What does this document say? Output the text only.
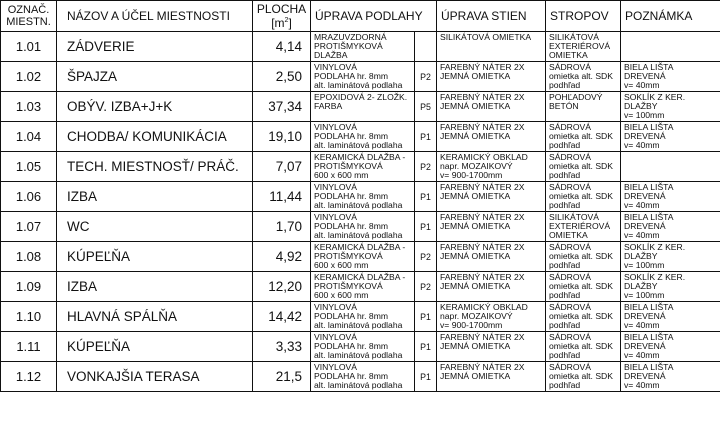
OZNAČ.
MIESTN.	NÁZOV A ÚČEL MIESTNOSTI	PLOCHA
$[m^2]$	ÚPRAVA PODLAHY		ÚPRAVA STIEN	STROPOV	POZNÁMKA
1.01	ZÁDVERIE	4,14	MRAZUVZDORNÁ
PROTIŠMYKOVÁ
DLAŽBA		SILIKÁTOVÁ OMIETKA	SILIKÁTOVÁ
EXTERIÉROVÁ
OMIETKA	
1.02	ŠPAJZA	2,50	VINYLOVÁ
PODLAHA hr. 8mm
alt. laminátová podlaha	P2	FAREBNÝ NÁTER 2X
JEMNÁ OMIETKA	SÁDROVÁ
omietka alt. SDK
podhľad	BIELA LIŠTA
DREVENÁ
v= 40mm
1.03	OBÝV. IZBA+J+K	37,34	EPOXIDOVÁ 2- ZLOŽK.
FARBA	P5	FAREBNÝ NÁTER 2X
JEMNÁ OMIETKA	POHĽADOVÝ
BETÓN	SOKLÍK Z KER.
DLAŽBY
v= 100mm
1.04	CHODBA/ KOMUNIKÁCIA	19,10	VINYLOVÁ
PODLAHA hr. 8mm
alt. laminátová podlaha	P1	FAREBNÝ NÁTER 2X
JEMNÁ OMIETKA	SÁDROVÁ
omietka alt. SDK
podhľad	BIELA LIŠTA
DREVENÁ
v= 40mm
1.05	TECH. MIESTNOSŤ/ PRÁČ.	7,07	KERAMICKÁ DLAŽBA -
PROTIŠMYKOVÁ
600 x 600 mm	P2	KERAMICKÝ OBKLAD
napr. MOZAIKOVÝ
v= 900-1700mm	SÁDROVÁ
omietka alt. SDK
podhľad	
1.06	IZBA	11,44	VINYLOVÁ
PODLAHA hr. 8mm
alt. laminátová podlaha	P1	FAREBNÝ NÁTER 2X
JEMNÁ OMIETKA	SÁDROVÁ
omietka alt. SDK
podhľad	BIELA LIŠTA
DREVENÁ
v= 40mm
1.07	WC	1,70	VINYLOVÁ
PODLAHA hr. 8mm
alt. laminátová podlaha	P1	FAREBNÝ NÁTER 2X
JEMNÁ OMIETKA	SILIKÁTOVÁ
EXTERIÉROVÁ
OMIETKA	BIELA LIŠTA
DREVENÁ
v= 40mm
1.08	KÚPEĽŇA	4,92	KERAMICKÁ DLAŽBA -
PROTIŠMYKOVÁ
600 x 600 mm	P2	FAREBNÝ NÁTER 2X
JEMNÁ OMIETKA	SÁDROVÁ
omietka alt. SDK
podhľad	SOKLÍK Z KER.
DLAŽBY
v= 100mm
1.09	IZBA	12,20	KERAMICKÁ DLAŽBA -
PROTIŠMYKOVÁ
600 x 600 mm	P2	FAREBNÝ NÁTER 2X
JEMNÁ OMIETKA	SÁDROVÁ
omietka alt. SDK
podhľad	SOKLÍK Z KER.
DLAŽBY
v= 100mm
1.10	HLAVNÁ SPÁLŇA	14,42	VINYLOVÁ
PODLAHA hr. 8mm
alt. laminátová podlaha	P1	KERAMICKÝ OBKLAD
napr. MOZAIKOVÝ
v= 900-1700mm	SÁDROVÁ
omietka alt. SDK
podhľad	BIELA LIŠTA
DREVENÁ
v= 40mm
1.11	KÚPEĽŇA	3,33	VINYLOVÁ
PODLAHA hr. 8mm
alt. laminátová podlaha	P1	FAREBNÝ NÁTER 2X
JEMNÁ OMIETKA	SÁDROVÁ
omietka alt. SDK
podhľad	BIELA LIŠTA
DREVENÁ
v= 40mm
1.12	VONKAJŠIA TERASA	21,5	VINYLOVÁ
PODLAHA hr. 8mm
alt. laminátová podlaha	P1	FAREBNÝ NÁTER 2X
JEMNÁ OMIETKA	SÁDROVÁ
omietka alt. SDK
podhľad	BIELA LIŠTA
DREVENÁ
v= 40mm
